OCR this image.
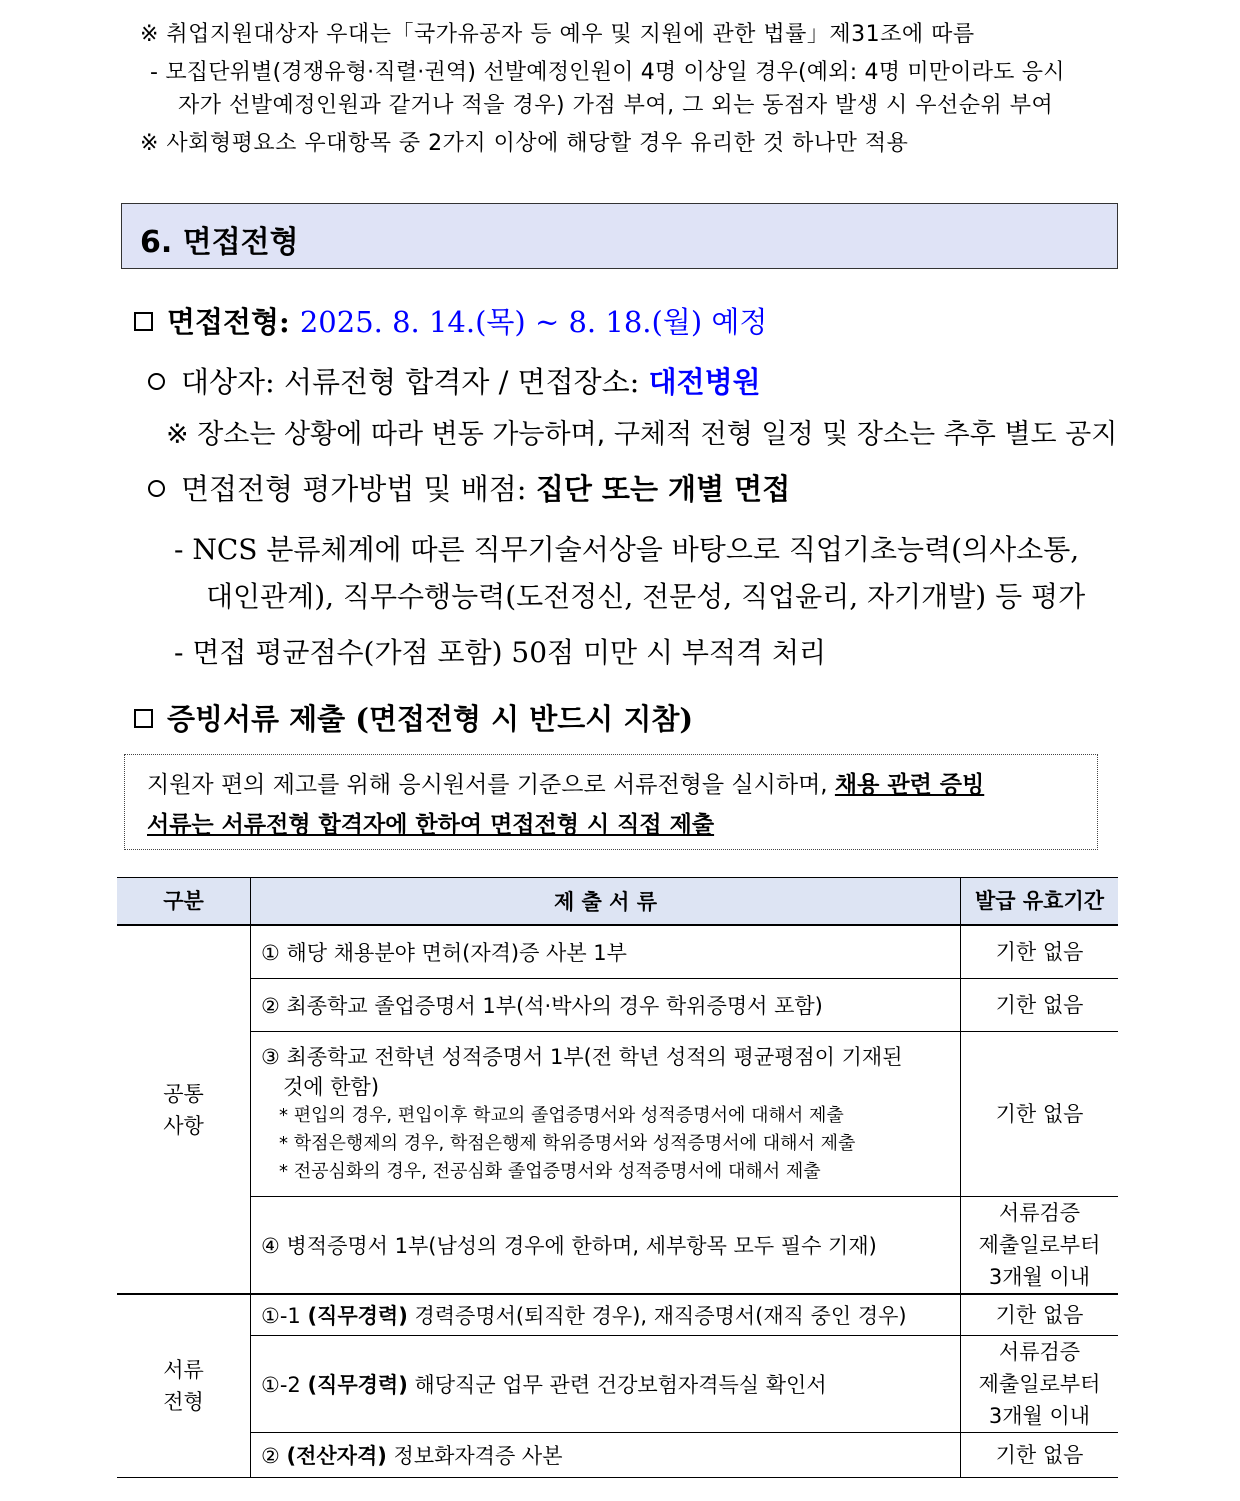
※ 취업지원대상자 우대는「국가유공자 등 예우 및 지원에 관한 법률」제31조에 따름
- 모집단위별(경쟁유형·직렬·권역) 선발예정인원이 4명 이상일 경우(예외: 4명 미만이라도 응시
자가 선발예정인원과 같거나 적을 경우) 가점 부여, 그 외는 동점자 발생 시 우선순위 부여
※ 사회형평요소 우대항목 중 2가지 이상에 해당할 경우 유리한 것 하나만 적용
6. 면접전형
면접전형: 2025. 8. 14.(목) ~ 8. 18.(월) 예정
대상자: 서류전형 합격자 / 면접장소: 대전병원
※ 장소는 상황에 따라 변동 가능하며, 구체적 전형 일정 및 장소는 추후 별도 공지
면접전형 평가방법 및 배점: 집단 또는 개별 면접
- NCS 분류체계에 따른 직무기술서상을 바탕으로 직업기초능력(의사소통,
대인관계), 직무수행능력(도전정신, 전문성, 직업윤리, 자기개발) 등 평가
- 면접 평균점수(가점 포함) 50점 미만 시 부적격 처리
증빙서류 제출 (면접전형 시 반드시 지참)
지원자 편의 제고를 위해 응시원서를 기준으로 서류전형을 실시하며, 채용 관련 증빙
서류는 서류전형 합격자에 한하여 면접전형 시 직접 제출
구분	제 출 서 류	발급 유효기간

공통
사항	① 해당 채용분야 면허(자격)증 사본 1부	기한 없음
	② 최종학교 졸업증명서 1부(석·박사의 경우 학위증명서 포함)	기한 없음

	③ 최종학교 전학년 성적증명서 1부(전 학년 성적의 평균평점이 기재된
것에 한함)
* 편입의 경우, 편입이후 학교의 졸업증명서와 성적증명서에 대해서 제출
* 학점은행제의 경우, 학점은행제 학위증명서와 성적증명서에 대해서 제출
* 전공심화의 경우, 전공심화 졸업증명서와 성적증명서에 대해서 제출	기한 없음
	④ 병적증명서 1부(남성의 경우에 한하며, 세부항목 모두 필수 기재)	서류검증
제출일로부터
3개월 이내

서류
전형	①-1 (직무경력) 경력증명서(퇴직한 경우), 재직증명서(재직 중인 경우)	기한 없음
	①-2 (직무경력) 해당직군 업무 관련 건강보험자격득실 확인서	서류검증
제출일로부터
3개월 이내

	② (전산자격) 정보화자격증 사본	기한 없음
